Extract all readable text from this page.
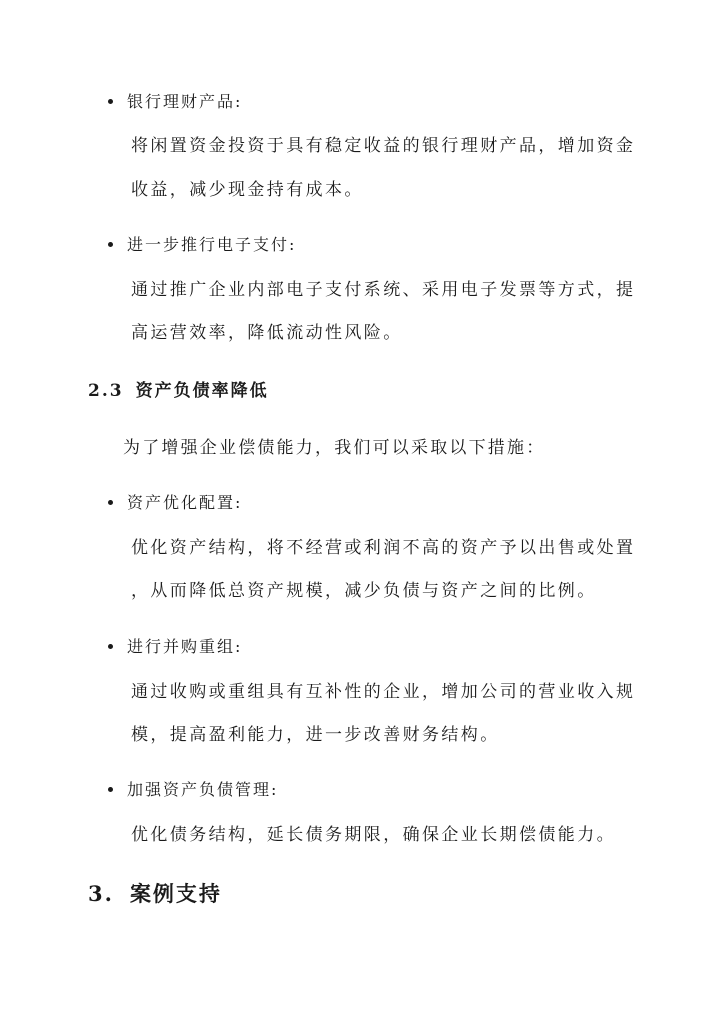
银行理财产品:
将闲置资金投资于具有稳定收益的银行理财产品，增加资金
收益，减少现金持有成本。
进一步推行电子支付:
通过推广企业内部电子支付系统、采用电子发票等方式，提
高运营效率，降低流动性风险。
2.3 资产负债率降低
为了增强企业偿债能力，我们可以采取以下措施：
资产优化配置:
优化资产结构，将不经营或利润不高的资产予以出售或处置
，从而降低总资产规模，减少负债与资产之间的比例。
进行并购重组:
通过收购或重组具有互补性的企业，增加公司的营业收入规
模，提高盈利能力，进一步改善财务结构。
加强资产负债管理:
优化债务结构，延长债务期限，确保企业长期偿债能力。
3. 案例支持
